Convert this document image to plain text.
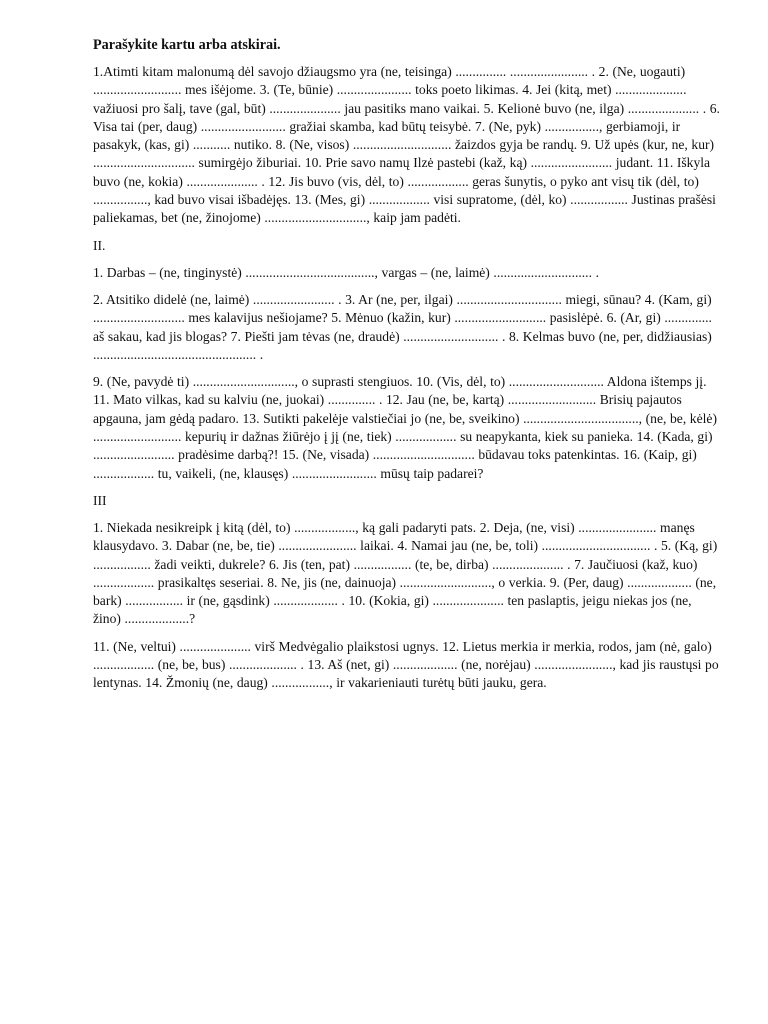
Parašykite kartu arba atskirai.

1.Atimti kitam malonumą dėl savojo džiaugsmo yra (ne, teisinga) ............... ....................... . 2. (Ne, uogauti) .......................... mes išėjome. 3. (Te, būnie) ...................... toks poeto likimas. 4. Jei (kitą, met) ..................... važiuosi pro šalį, tave (gal, būt) ..................... jau pasitiks mano vaikai. 5. Kelionė buvo (ne, ilga) ..................... . 6. Visa tai (per, daug) ......................... gražiai skamba, kad būtų teisybė. 7. (Ne, pyk) ................, gerbiamoji, ir pasakyk, (kas, gi) ........... nutiko. 8. (Ne, visos) ............................. žaizdos gyja be randų. 9. Už upės (kur, ne, kur) .............................. sumirgėjo žiburiai. 10. Prie savo namų Ilzė pastebi (kaž, ką) ........................ judant. 11. Iškyla buvo (ne, kokia) ..................... . 12. Jis buvo (vis, dėl, to) .................. geras šunytis, o pyko ant visų tik (dėl, to) ................, kad buvo visai išbadėjęs. 13. (Mes, gi) .................. visi supratome, (dėl, ko) ................. Justinas prašėsi paliekamas, bet (ne, žinojome) .............................., kaip jam padėti.

II.

1. Darbas – (ne, tinginystė) ......................................, vargas – (ne, laimė) ............................. .

2. Atsitiko didelė (ne, laimė) ........................ . 3. Ar (ne, per, ilgai) ............................... miegi, sūnau? 4. (Kam, gi) ........................... mes kalavijus nešiojame? 5. Mėnuo (kažin, kur) ........................... pasislėpė. 6. (Ar, gi) .............. aš sakau, kad jis blogas? 7. Piešti jam tėvas (ne, draudė) ............................ . 8. Kelmas buvo (ne, per, didžiausias) ................................................ .

9. (Ne, pavydė ti) .............................., o suprasti stengiuos. 10. (Vis, dėl, to) ............................ Aldona ištemps jį. 11. Mato vilkas, kad su kalviu (ne, juokai) .............. . 12. Jau (ne, be, kartą) .......................... Brisių pajautos apgauna, jam gėdą padaro. 13. Sutikti pakelėje valstiečiai jo (ne, be, sveikino) .................................., (ne, be, kėlė) .......................... kepurių ir dažnas žiūrėjo į jį (ne, tiek) .................. su neapykanta, kiek su panieka. 14. (Kada, gi) ........................ pradėsime darbą?! 15. (Ne, visada) .............................. būdavau toks patenkintas. 16. (Kaip, gi) .................. tu, vaikeli, (ne, klausęs) ......................... mūsų taip padarei?

III

1. Niekada nesikreipk į kitą (dėl, to) .................., ką gali padaryti pats. 2. Deja, (ne, visi) ....................... manęs klausydavo. 3. Dabar (ne, be, tie) ....................... laikai. 4. Namai jau (ne, be, toli) ................................ . 5. (Ką, gi) ................. žadi veikti, dukrele? 6. Jis (ten, pat) ................. (te, be, dirba) ..................... . 7. Jaučiuosi (kaž, kuo) .................. prasikaltęs seseriai. 8. Ne, jis (ne, dainuoja) ..........................., o verkia. 9. (Per, daug) ................... (ne, bark) ................. ir (ne, gąsdink) ................... . 10. (Kokia, gi) ..................... ten paslaptis, jeigu niekas jos (ne, žino) ...................?

11. (Ne, veltui) ..................... virš Medvėgalio plaikstosi ugnys. 12. Lietus merkia ir merkia, rodos, jam (nė, galo) .................. (ne, be, bus) .................... . 13. Aš (net, gi) ................... (ne, norėjau) ......................., kad jis raustųsi po lentynas. 14. Žmonių (ne, daug) ................., ir vakarieniauti turėtų būti jauku, gera.
